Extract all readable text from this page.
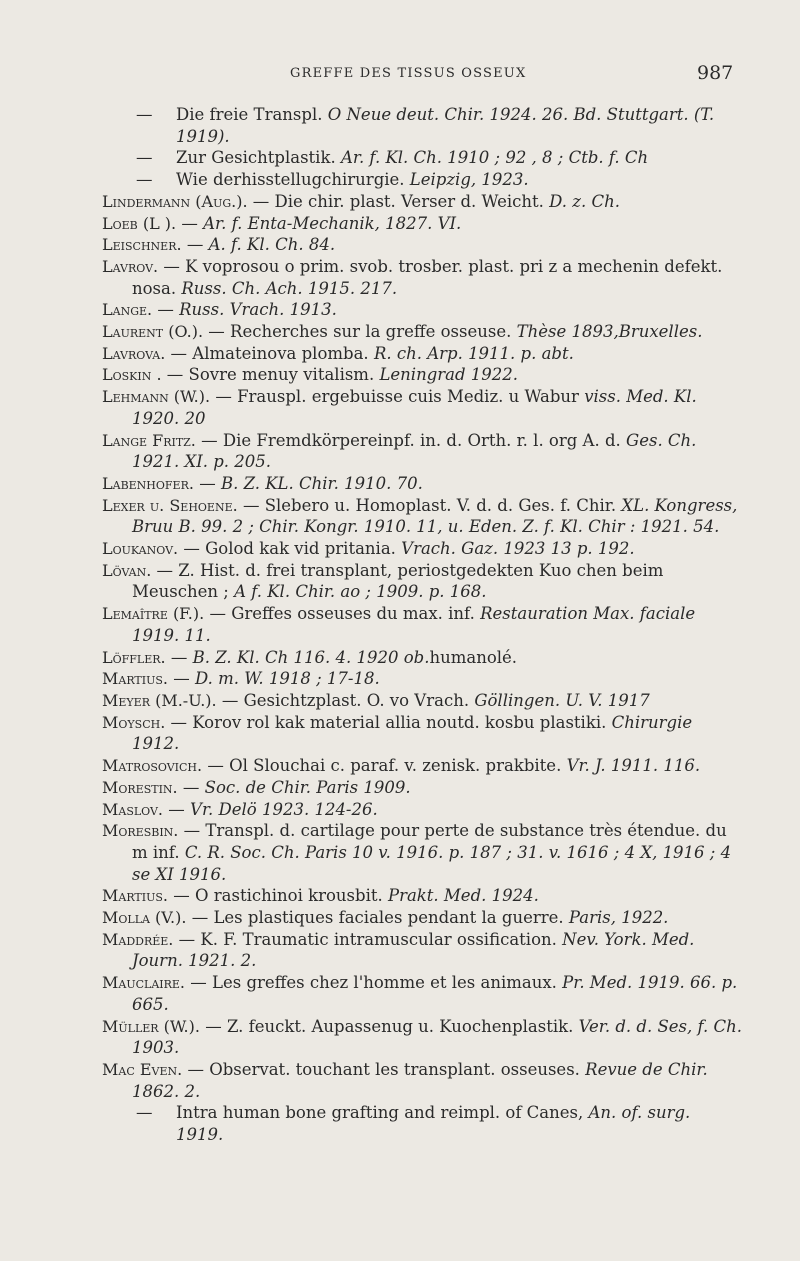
GREFFE DES TISSUS OSSEUX	987
— Die freie Transpl. O Neue deut. Chir. 1924. 26. Bd. Stuttgart. (T. 1919).
— Zur Gesichtplastik. Ar. f. Kl. Ch. 1910 ; 92 , 8 ; Ctb. f. Ch
— Wie derhisstellugchirurgie. Leipzig, 1923.
Lindermann (Aug.). — Die chir. plast. Verser d. Weicht. D. z. Ch.
Loeb (L ). — Ar. f. Enta-Mechanik, 1827. VI.
Leischner. — A. f. Kl. Ch. 84.
Lavrov. — K voprosou o prim. svob. trosber. plast. pri z a mechenin defekt. nosa. Russ. Ch. Ach. 1915. 217.
Lange. — Russ. Vrach. 1913.
Laurent (O.). — Recherches sur la greffe osseuse. Thèse 1893,Bruxelles.
Lavrova. — Almateinova plomba. R. ch. Arp. 1911. p. abt.
Loskin . — Sovre menuy vitalism. Leningrad 1922.
Lehmann (W.). — Frauspl. ergebuisse cuis Mediz. u Wabur viss. Med. Kl. 1920. 20
Lange Fritz. — Die Fremdkörpereinpf. in. d. Orth. r. l. org A. d. Ges. Ch. 1921. XI. p. 205.
Labenhofer. — B. Z. KL. Chir. 1910. 70.
Lexer u. Sehoene. — Slebero u. Homoplast. V. d. d. Ges. f. Chir. XL. Kongress, Bruu B. 99. 2 ; Chir. Kongr. 1910. 11, u. Eden. Z. f. Kl. Chir : 1921. 54.
Loukanov. — Golod kak vid pritania. Vrach. Gaz. 1923 13 p. 192.
Lövan. — Z. Hist. d. frei transplant, periostgedekten Kuo chen beim Meuschen ; A f. Kl. Chir. ao ; 1909. p. 168.
Lemaître (F.). — Greffes osseuses du max. inf. Restauration Max. faciale 1919. 11.
Löffler. — B. Z. Kl. Ch 116. 4. 1920 ob.humanolé.
Martius. — D. m. W. 1918 ; 17-18.
Meyer (M.-U.). — Gesichtzplast. O. vo Vrach. Göllingen. U. V. 1917
Moysch. — Korov rol kak material allia noutd. kosbu plastiki. Chirurgie 1912.
Matrosovich. — Ol Slouchai c. paraf. v. zenisk. prakbite. Vr. J. 1911. 116.
Morestin. — Soc. de Chir. Paris 1909.
Maslov. — Vr. Delö 1923. 124-26.
Moresbin. — Transpl. d. cartilage pour perte de substance très étendue. du m inf. C. R. Soc. Ch. Paris 10 v. 1916. p. 187 ; 31. v. 1616 ; 4 X, 1916 ; 4 se XI 1916.
Martius. — O rastichinoi krousbit. Prakt. Med. 1924.
Molla (V.). — Les plastiques faciales pendant la guerre. Paris, 1922.
Maddrée. — K. F. Traumatic intramuscular ossification. Nev. York. Med. Journ. 1921. 2.
Mauclaire. — Les greffes chez l'homme et les animaux. Pr. Med. 1919. 66. p. 665.
Müller (W.). — Z. feuckt. Aupassenug u. Kuochenplastik. Ver. d. d. Ses, f. Ch. 1903.
Mac Even. — Observat. touchant les transplant. osseuses. Revue de Chir. 1862. 2.
— Intra human bone grafting and reimpl. of Canes, An. of. surg. 1919.
